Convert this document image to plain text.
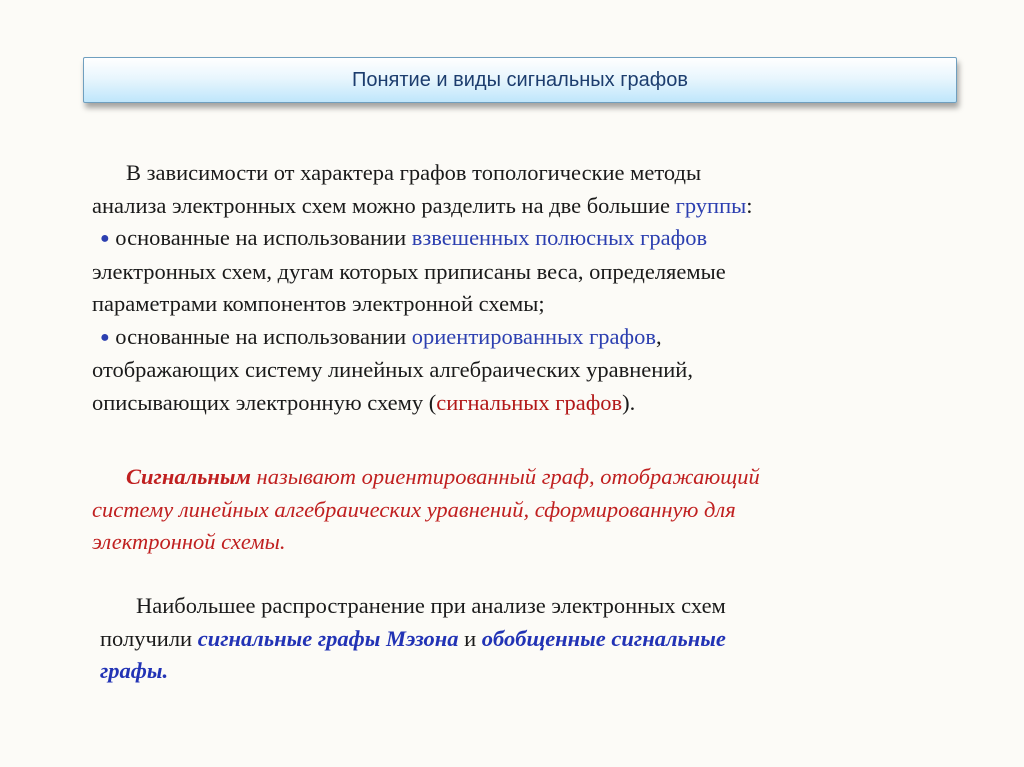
Понятие и виды сигнальных графов
В зависимости от характера графов топологические методы
анализа электронных схем можно разделить на две большие группы:
● основанные на использовании взвешенных полюсных графов
электронных схем, дугам которых приписаны веса, определяемые
параметрами компонентов электронной схемы;
● основанные на использовании ориентированных графов,
отображающих систему линейных алгебраических уравнений,
описывающих электронную схему (сигнальных графов).
Сигнальным называют ориентированный граф, отображающий
систему линейных алгебраических уравнений, сформированную для
электронной схемы.
Наибольшее распространение при анализе электронных схем
получили сигнальные графы Мэзона и обобщенные сигнальные
графы.
